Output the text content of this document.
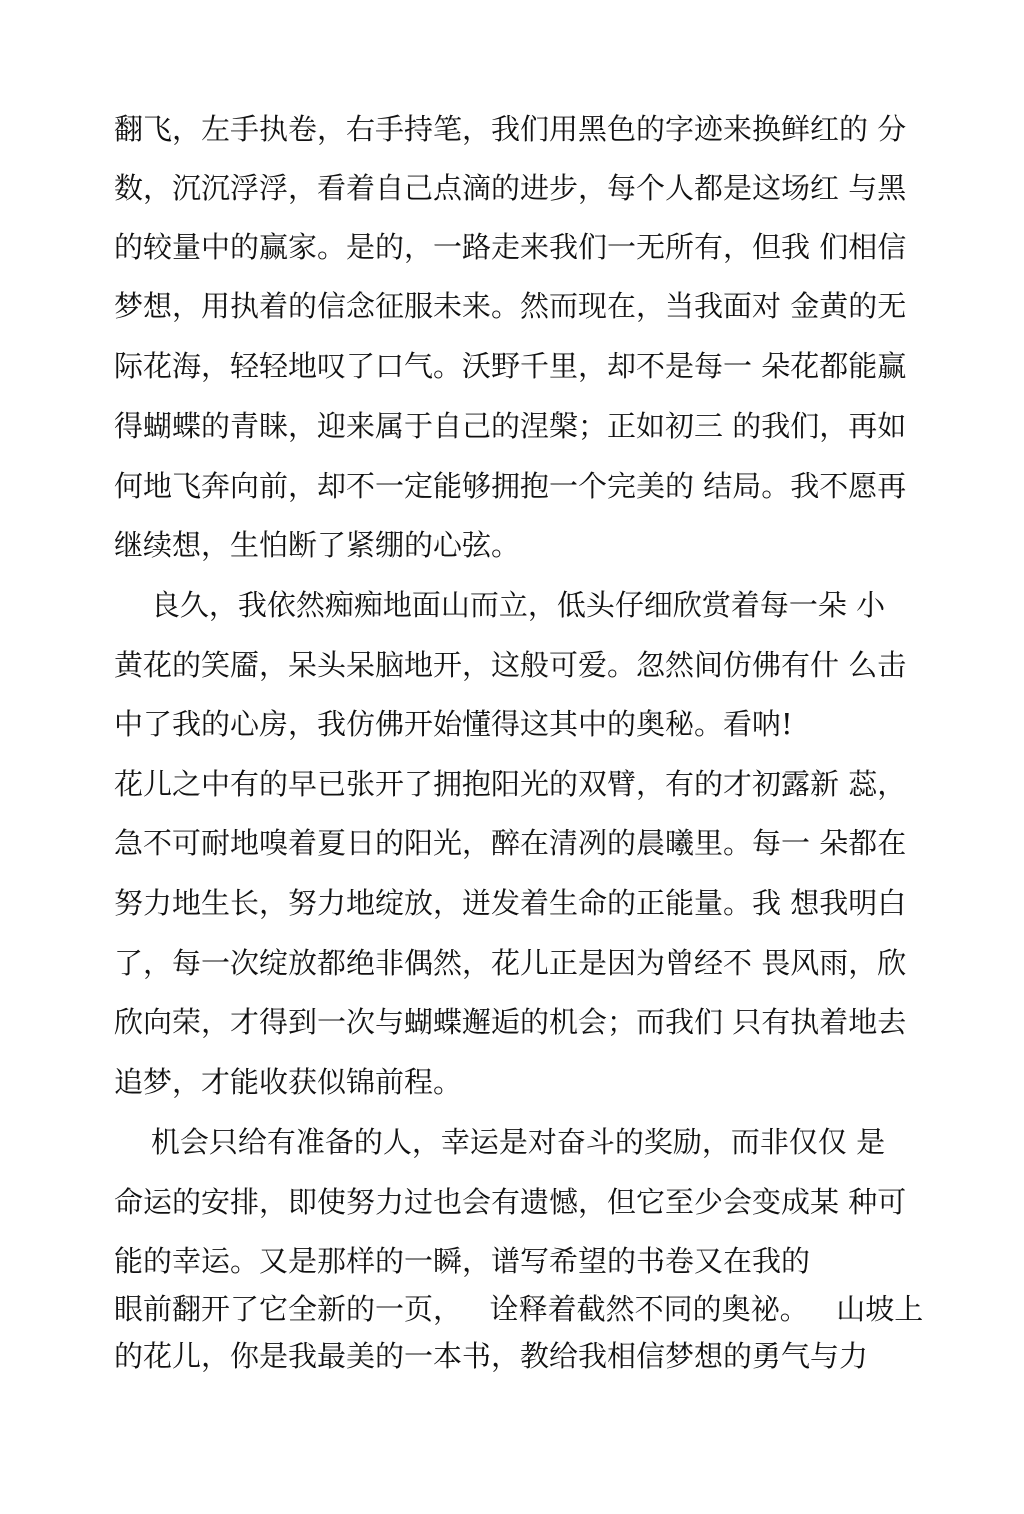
翻飞，左手执卷，右手持笔，我们用黑色的字迹来换鲜红的 分
数，沉沉浮浮，看着自己点滴的进步，每个人都是这场红 与黑
的较量中的赢家。是的，一路走来我们一无所有，但我 们相信
梦想，用执着的信念征服未来。然而现在，当我面对 金黄的无
际花海，轻轻地叹了口气。沃野千里，却不是每一 朵花都能赢
得蝴蝶的青睐，迎来属于自己的涅槃；正如初三 的我们，再如
何地飞奔向前，却不一定能够拥抱一个完美的 结局。我不愿再
继续想，生怕断了紧绷的心弦。
良久，我依然痴痴地面山而立，低头仔细欣赏着每一朵 小
黄花的笑靥，呆头呆脑地开，这般可爱。忽然间仿佛有什 么击
中了我的心房，我仿佛开始懂得这其中的奥秘。看呐!
花儿之中有的早已张开了拥抱阳光的双臂，有的才初露新 蕊，
急不可耐地嗅着夏日的阳光，醉在清冽的晨曦里。每一 朵都在
努力地生长，努力地绽放，迸发着生命的正能量。我 想我明白
了，每一次绽放都绝非偶然，花儿正是因为曾经不 畏风雨，欣
欣向荣，才得到一次与蝴蝶邂逅的机会；而我们 只有执着地去
追梦，才能收获似锦前程。
机会只给有准备的人，幸运是对奋斗的奖励，而非仅仅 是
命运的安排，即使努力过也会有遗憾，但它至少会变成某 种可
能的幸运。又是那样的一瞬，谱写希望的书卷又在我的
眼前翻开了它全新的一页，   诠释着截然不同的奥祕。   山坡上
的花儿，你是我最美的一本书，教给我相信梦想的勇气与力
